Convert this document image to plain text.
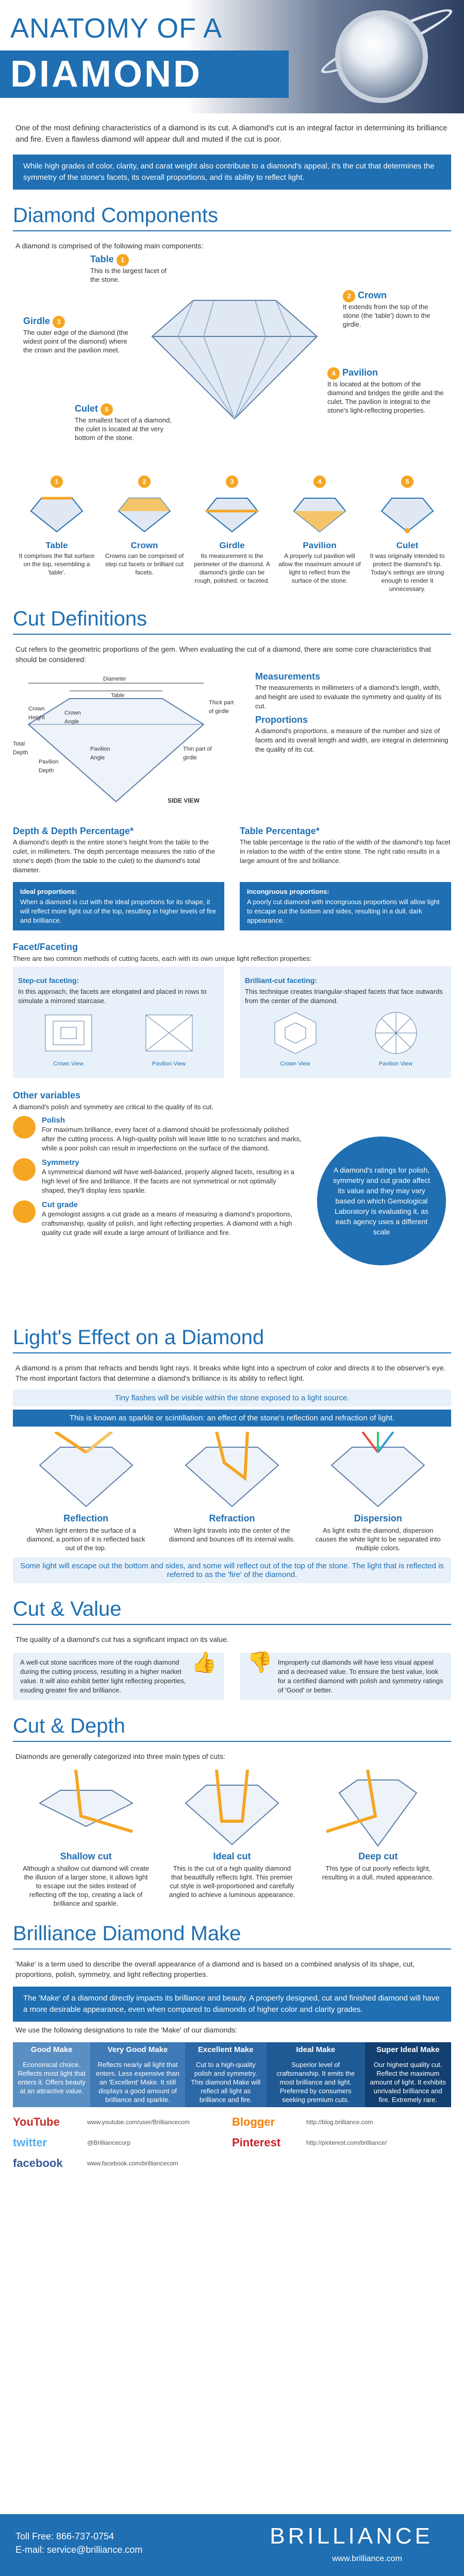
ANATOMY OF A
DIAMOND

One of the most defining characteristics of a diamond is its cut. A diamond's cut is an integral factor in determining its brilliance and fire. Even a flawless diamond will appear dull and muted if the cut is poor.

While high grades of color, clarity, and carat weight also contribute to a diamond's appeal, it's the cut that determines the symmetry of the stone's facets, its overall proportions, and its ability to reflect light.
Diamond Components

A diamond is comprised of the following main components:

Table 1
This is the largest facet of the stone.
2 Crown
It extends from the top of the stone (the 'table') down to the girdle.
Girdle 3
The outer edge of the diamond (the widest point of the diamond) where the crown and the pavilion meet.
4 Pavilion
It is located at the bottom of the diamond and bridges the girdle and the culet. The pavilion is integral to the stone's light-reflecting properties.
Culet 5
The smallest facet of a diamond, the culet is located at the very bottom of the stone.
1
Table

It comprises the flat surface on the top, resembling a 'table'.

2
Crown

Crowns can be comprised of step cut facets or brilliant cut facets.

3
Girdle

Its measurement is the perimeter of the diamond. A diamond's girdle can be rough, polished, or faceted.

4
Pavilion

A properly cut pavilion will allow the maximum amount of light to reflect from the surface of the stone.

5
Culet

It was originally intended to protect the diamond's tip. Today's settings are strong enough to render it unnecessary.

Cut Definitions

Cut refers to the geometric proportions of the gem. When evaluating the cut of a diamond, there are some core characteristics that should be considered:

Diameter
Table
Crown Height
Crown Angle
Total Depth
Pavilion Depth
Pavilion Angle
Thick part of girdle
Thin part of girdle
SIDE VIEW
Measurements

The measurements in millimeters of a diamond's length, width, and height are used to evaluate the symmetry and quality of its cut.

Proportions

A diamond's proportions, a measure of the number and size of facets and its overall length and width, are integral in determining the quality of its cut.

Depth & Depth Percentage*

A diamond's depth is the entire stone's height from the table to the culet, in millimeters. The depth percentage measures the ratio of the stone's depth (from the table to the culet) to the diamond's total diameter.

Table Percentage*

The table percentage is the ratio of the width of the diamond's top facet in relation to the width of the entire stone. The right ratio results in a large amount of fire and brilliance.

Ideal proportions:
When a diamond is cut with the ideal proportions for its shape, it will reflect more light out of the top, resulting in higher levels of fire and brilliance.
Incongruous proportions:
A poorly cut diamond with incongruous proportions will allow light to escape out the bottom and sides, resulting in a dull, dark appearance.
Facet/Faceting

There are two common methods of cutting facets, each with its own unique light reflection properties:

Step-cut faceting:

In this approach, the facets are elongated and placed in rows to simulate a mirrored staircase.

Crown View	Pavilion View
Brilliant-cut faceting:

This technique creates triangular-shaped facets that face outwards from the center of the diamond.

Crown View	Pavilion View
Other variables

A diamond's polish and symmetry are critical to the quality of its cut.

Polish
For maximum brilliance, every facet of a diamond should be professionally polished after the cutting process. A high-quality polish will leave little to no scratches and marks, while a poor polish can result in imperfections on the surface of the diamond.
Symmetry
A symmetrical diamond will have well-balanced, properly aligned facets, resulting in a high level of fire and brilliance. If the facets are not symmetrical or not optimally shaped, they'll display less sparkle.
Cut grade
A gemologist assigns a cut grade as a means of measuring a diamond's proportions, craftsmanship, quality of polish, and light reflecting properties. A diamond with a high quality cut grade will exude a large amount of brilliance and fire.
A diamond's ratings for polish, symmetry and cut grade affect its value and they may vary based on which Gemological Laboratory is evaluating it, as each agency uses a different scale
Light's Effect on a Diamond

A diamond is a prism that refracts and bends light rays. It breaks white light into a spectrum of color and directs it to the observer's eye. The most important factors that determine a diamond's brilliance is its ability to reflect light.

Tiny flashes will be visible within the stone exposed to a light source.
This is known as sparkle or scintillation: an effect of the stone's reflection and refraction of light.
Reflection

When light enters the surface of a diamond, a portion of it is reflected back out of the top.

Refraction

When light travels into the center of the diamond and bounces off its internal walls.

Dispersion

As light exits the diamond, dispersion causes the white light to be separated into multiple colors.

Some light will escape out the bottom and sides, and some will reflect out of the top of the stone. The light that is reflected is referred to as the 'fire' of the diamond.
Cut & Value

The quality of a diamond's cut has a significant impact on its value.

A well-cut stone sacrifices more of the rough diamond during the cutting process, resulting in a higher market value. It will also exhibit better light reflecting properties, exuding greater fire and brilliance.
👍 👎 Improperly cut diamonds will have less visual appeal and a decreased value. To ensure the best value, look for a certified diamond with polish and symmetry ratings of 'Good' or better.
Cut & Depth

Diamonds are generally categorized into three main types of cuts:

Shallow cut

Although a shallow cut diamond will create the illusion of a larger stone, it allows light to escape out the sides instead of reflecting off the top, creating a lack of brilliance and sparkle.

Ideal cut

This is the cut of a high quality diamond that beautifully reflects light. This premier cut style is well-proportioned and carefully angled to achieve a luminous appearance.

Deep cut

This type of cut poorly reflects light, resulting in a dull, muted appearance.

Brilliance Diamond Make

'Make' is a term used to describe the overall appearance of a diamond and is based on a combined analysis of its shape, cut, proportions, polish, symmetry, and light reflecting properties.

The 'Make' of a diamond directly impacts its brilliance and beauty. A properly designed, cut and finished diamond will have a more desirable appearance, even when compared to diamonds of higher color and clarity grades.

We use the following designations to rate the 'Make' of our diamonds:

Good Make	Very Good Make	Excellent Make	Ideal Make	Super Ideal Make
Economical choice. Reflects most light that enters it. Offers beauty at an attractive value.	Reflects nearly all light that enters. Less expensive than an 'Excellent' Make. It still displays a good amount of brilliance and sparkle.	Cut to a high-quality polish and symmetry. This diamond Make will reflect all light as brilliance and fire.	Superior level of craftsmanship. It emits the most brilliance and light. Preferred by consumers seeking premium cuts.	Our highest quality cut. Reflect the maximum amount of light. It exhibits unrivaled brilliance and fire. Extremely rare.
YouTube	www.youtube.com/user/Brilliancecom	Blogger	http://blog.brilliance.com
twitter	@Brilliancecorp	Pinterest	http://pinterest.com/brilliance/
facebook	www.facebook.com/brilliancecom
Toll Free: 866-737-0754
E-mail: service@brilliance.com
BRILLIANCE
www.brilliance.com
